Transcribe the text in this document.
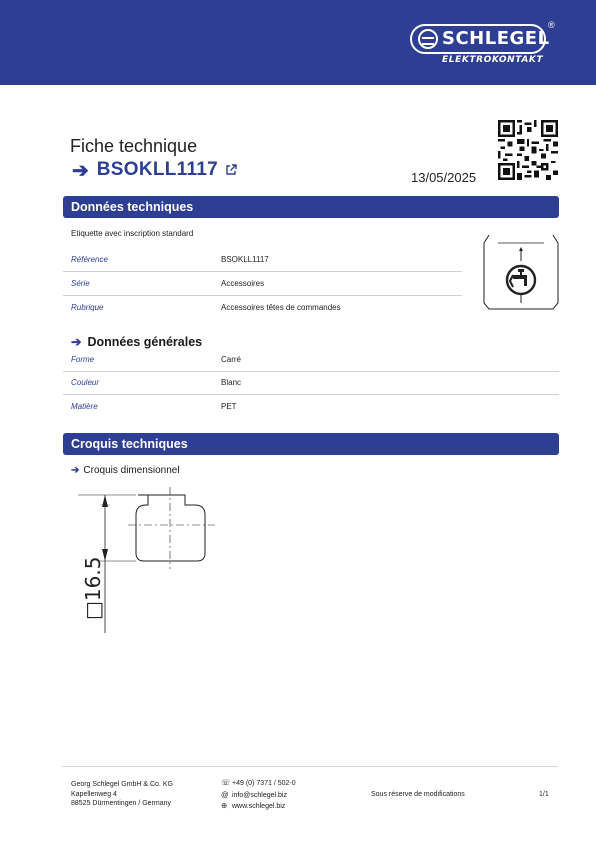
SCHLEGEL
®
ELEKTROKONTAKT
Fiche technique
➔ BSOKLL1117	13/05/2025
Données techniques
Etiquette avec inscription standard
Référence	BSOKLL1117
Série	Accessoires
Rubrique	Accessoires têtes de commandes
➔ Données générales
Forme	Carré
Couleur	Blanc
Matière	PET
Croquis techniques
➔ Croquis dimensionnel
□16.5
Georg Schlegel GmbH & Co. KG
Kapellenweg 4
88525 Dürmentingen / Germany
☏ +49 (0) 7371 / 502-0
@ info@schlegel.biz
⊕ www.schlegel.biz
Sous réserve de modifications	1/1
